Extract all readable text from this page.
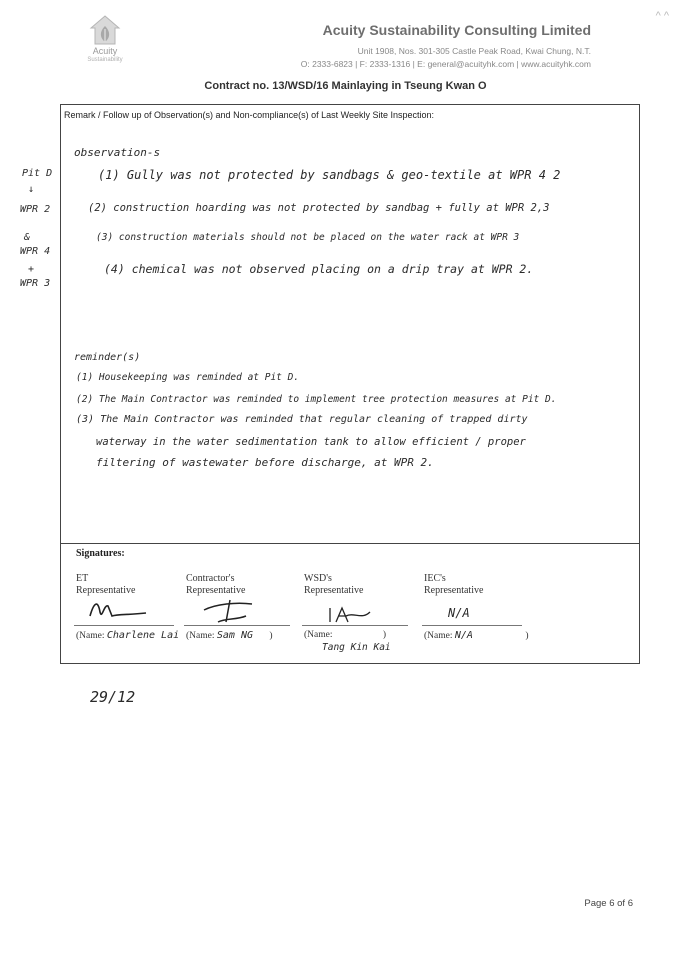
Acuity
Sustainability
^ ^
Acuity Sustainability Consulting Limited
Unit 1908, Nos. 301-305 Castle Peak Road, Kwai Chung, N.T.
O: 2333-6823 | F: 2333-1316 | E: general@acuityhk.com | www.acuityhk.com
Contract no. 13/WSD/16 Mainlaying in Tseung Kwan O
Remark / Follow up of Observation(s) and Non-compliance(s) of Last Weekly Site Inspection:
observation-s
Pit D
↓
WPR 2
&
WPR 4
+
WPR 3
(1) Gully was not protected by sandbags & geo-textile at WPR 4 2
(2) construction hoarding was not protected by sandbag + fully at WPR 2,3
(3) construction materials should not be placed on the water rack at WPR 3
(4) chemical was not observed placing on a drip tray at WPR 2.
reminder(s)
(1) Housekeeping was reminded at Pit D.
(2) The Main Contractor was reminded to implement tree protection measures at Pit D.
(3) The Main Contractor was reminded that regular cleaning of trapped dirty
waterway in the water sedimentation tank to allow efficient / proper
filtering of wastewater before discharge, at WPR 2.
Signatures:
ET
Representative
(Name: Charlene Lai
Contractor's
Representative
(Name: Sam NG )
WSD's
Representative
(Name:	)
Tang Kin Kai
IEC's
Representative
N/A
(Name: N/A	)
29/12
Page 6 of 6
